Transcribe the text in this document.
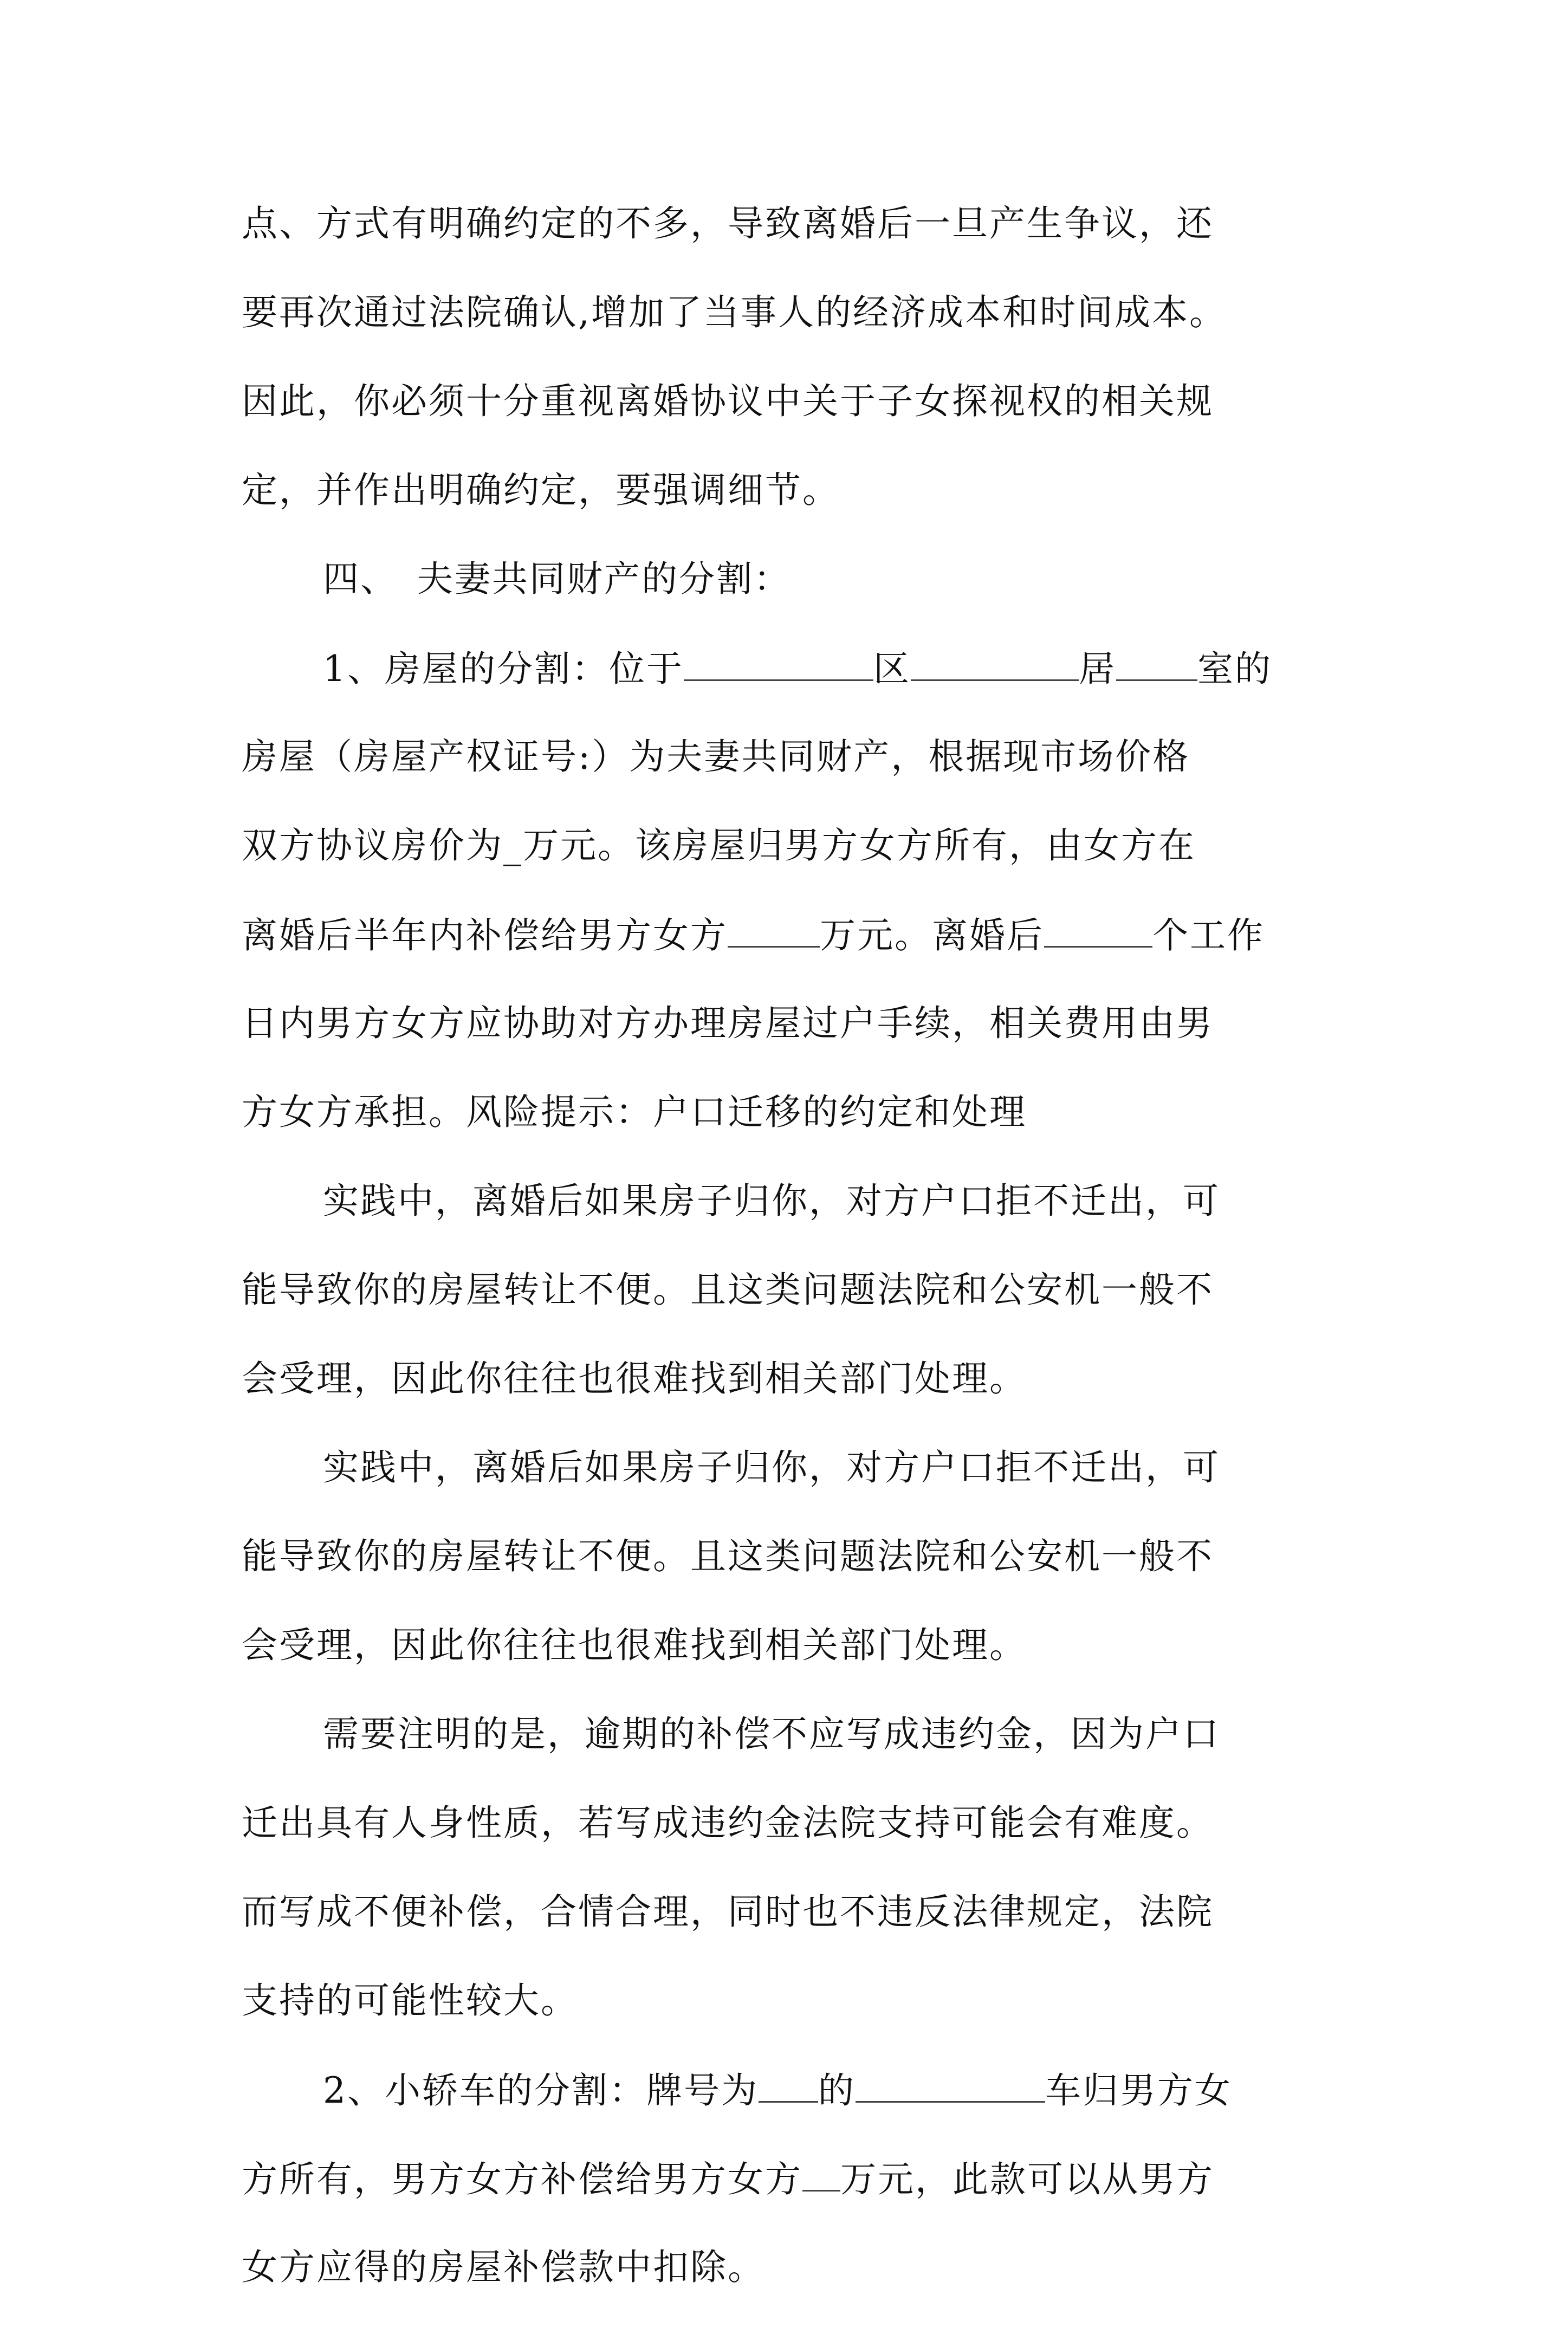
点、方式有明确约定的不多，导致离婚后一旦产生争议，还
要再次通过法院确认,增加了当事人的经济成本和时间成本。
因此，你必须十分重视离婚协议中关于子女探视权的相关规
定，并作出明确约定，要强调细节。
四、　夫妻共同财产的分割：
1、房屋的分割：位于	区	居 室的
房屋（房屋产权证号:）为夫妻共同财产，根据现市场价格
双方协议房价为_万元。该房屋归男方女方所有，由女方在
离婚后半年内补偿给男方女方	万元。离婚后	个工作
日内男方女方应协助对方办理房屋过户手续，相关费用由男
方女方承担。风险提示：户口迁移的约定和处理
实践中，离婚后如果房子归你，对方户口拒不迁出，可
能导致你的房屋转让不便。且这类问题法院和公安机一般不
会受理，因此你往往也很难找到相关部门处理。
实践中，离婚后如果房子归你，对方户口拒不迁出，可
能导致你的房屋转让不便。且这类问题法院和公安机一般不
会受理，因此你往往也很难找到相关部门处理。
需要注明的是，逾期的补偿不应写成违约金，因为户口
迁出具有人身性质，若写成违约金法院支持可能会有难度。
而写成不便补偿，合情合理，同时也不违反法律规定，法院
支持的可能性较大。
2、小轿车的分割：牌号为 的	车归男方女
方所有，男方女方补偿给男方女方 万元，此款可以从男方
女方应得的房屋补偿款中扣除。
